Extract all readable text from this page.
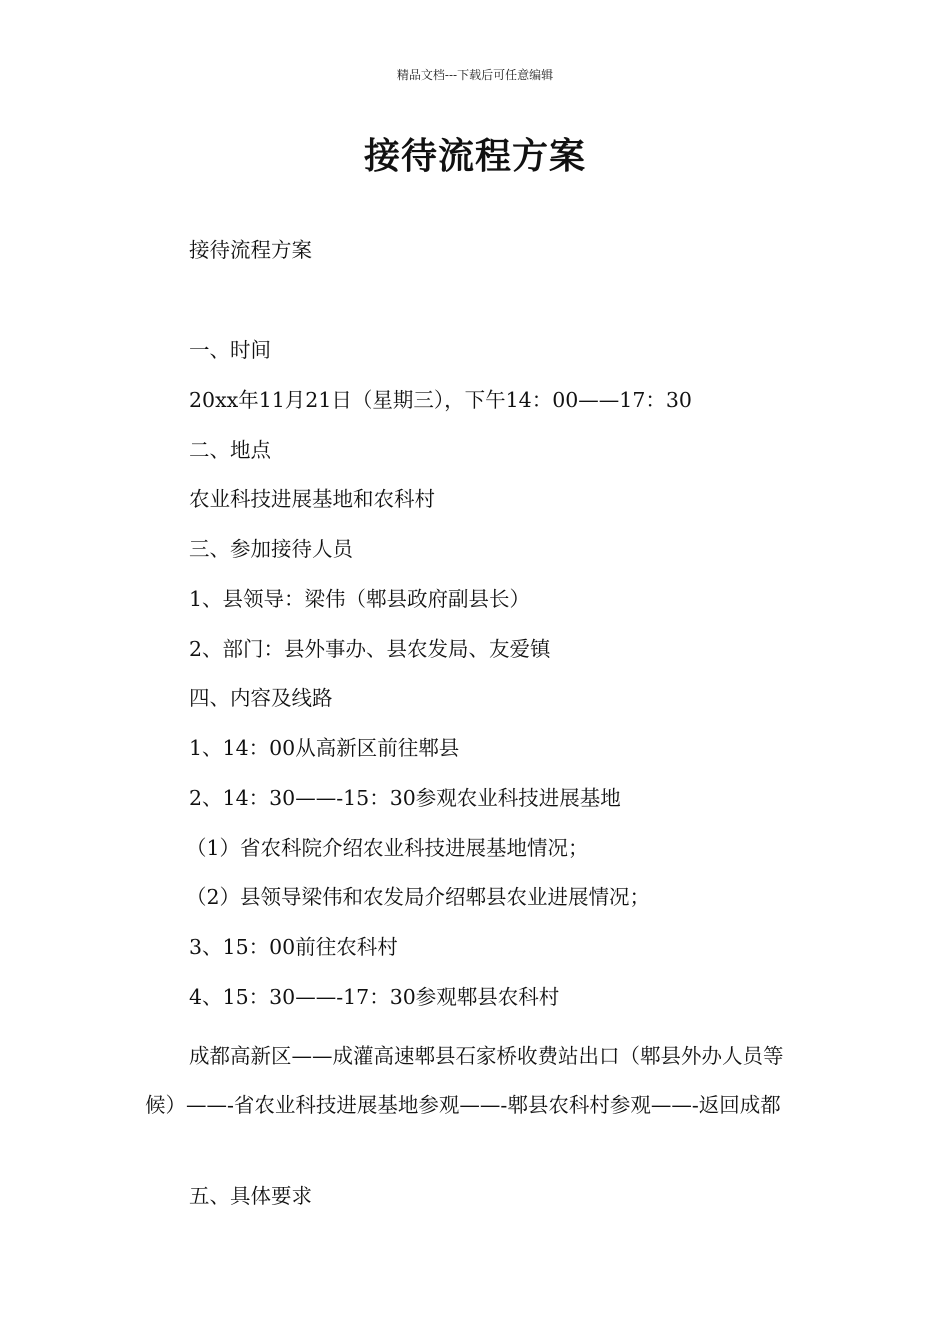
精品文档---下载后可任意编辑
接待流程方案
接待流程方案
一、时间
20xx年11月21日（星期三），下午14：00——17：30
二、地点
农业科技进展基地和农科村
三、参加接待人员
1、县领导：梁伟（郫县政府副县长）
2、部门：县外事办、县农发局、友爱镇
四、内容及线路
1、14：00从高新区前往郫县
2、14：30——-15：30参观农业科技进展基地
（1）省农科院介绍农业科技进展基地情况；
（2）县领导梁伟和农发局介绍郫县农业进展情况；
3、15：00前往农科村
4、15：30——-17：30参观郫县农科村
成都高新区——成灌高速郫县石家桥收费站出口（郫县外办人员等候）——-省农业科技进展基地参观——-郫县农科村参观——-返回成都
五、具体要求
